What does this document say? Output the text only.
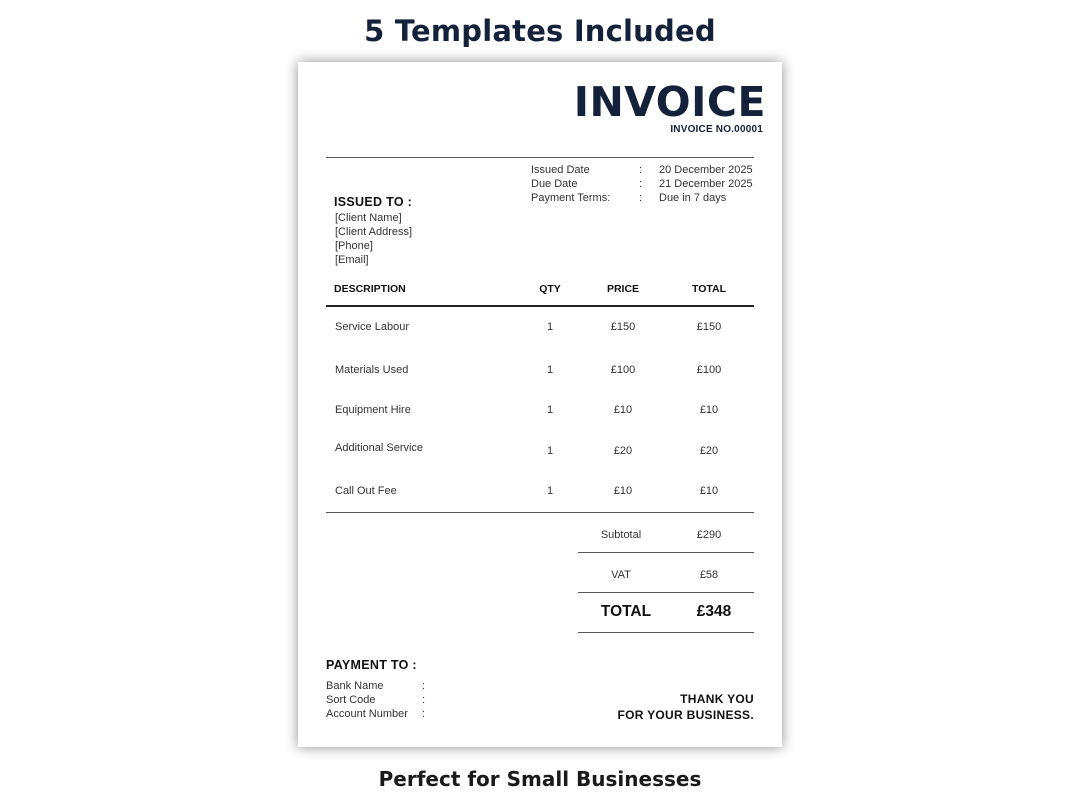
5 Templates Included
INVOICE
INVOICE NO.00001
Issued Date	: 20 December 2025
Due Date	: 21 December 2025
Payment Terms:	: Due in 7 days
ISSUED TO :
[Client Name]
[Client Address]
[Phone]
[Email]
DESCRIPTION	QTY	PRICE	TOTAL
Service Labour	1	£150	£150
Materials Used	1	£100	£100
Equipment Hire	1	£10	£10
Additional Service	1	£20	£20
Call Out Fee	1	£10	£10
Subtotal	£290
VAT	£58
TOTAL	£348
PAYMENT TO :
Bank Name	:
Sort Code	:
Account Number :
THANK YOU
FOR YOUR BUSINESS.
Perfect for Small Businesses
